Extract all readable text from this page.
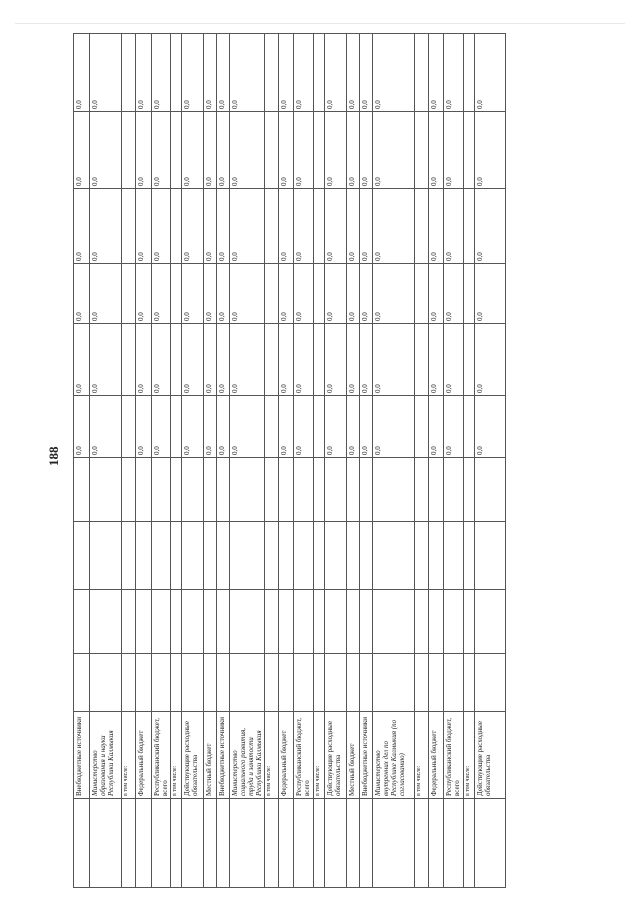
188
Внебюджетные источники
0,0
0,0
0,0
0,0
0,0
0,0
Министерство образования и науки Республики Калмыкия
0,0
0,0
0,0
0,0
0,0
0,0
в том числе: Федеральный бюджет
0,0
0,0
0,0
0,0
0,0
0,0
Республиканский бюджет, всего
0,0
0,0
0,0
0,0
0,0
0,0
в том числе: Действующие расходные обязательства
0,0
0,0
0,0
0,0
0,0
0,0
Местный бюджет
0,0
0,0
0,0
0,0
0,0
0,0
Внебюджетные источники
0,0
0,0
0,0
0,0
0,0
0,0
Министерство социального развития, труда и занятости Республики Калмыкия
0,0
0,0
0,0
0,0
0,0
0,0
в том числе: Федеральный бюджет
0,0
0,0
0,0
0,0
0,0
0,0
Республиканский бюджет, всего
0,0
0,0
0,0
0,0
0,0
0,0
в том числе: Действующие расходные обязательства
0,0
0,0
0,0
0,0
0,0
0,0
Местный бюджет
0,0
0,0
0,0
0,0
0,0
0,0
Внебюджетные источники
0,0
0,0
0,0
0,0
0,0
0,0
Министерство внутренних дел по Республике Калмыкия (по согласованию)
0,0
0,0
0,0
0,0
0,0
0,0
в том числе: Федеральный бюджет
0,0
0,0
0,0
0,0
0,0
0,0
Республиканский бюджет, всего
0,0
0,0
0,0
0,0
0,0
0,0
в том числе: Действующие расходные обязательства
0,0
0,0
0,0
0,0
0,0
0,0
